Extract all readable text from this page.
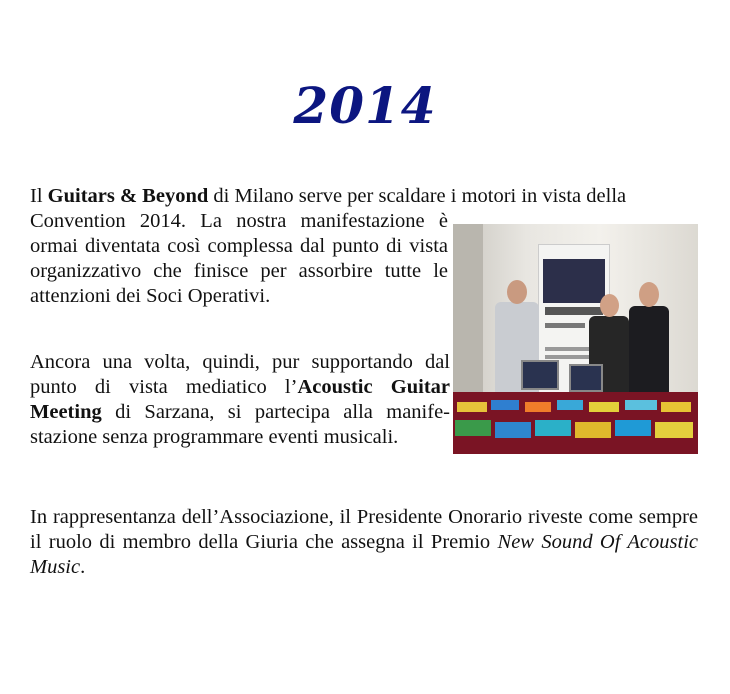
2014

Il Guitars & Beyond di Milano serve per scaldare i motori in vista della
Convention 2014. La nostra manifestazione è ormai diventata così complessa dal punto di vista organizzativo che finisce per assorbire tutte le attenzioni dei Soci Operativi.

Ancora una volta, quindi, pur supportando dal punto di vista mediatico l’Acoustic Guitar Meeting di Sarzana, si partecipa alla manife-stazione senza programmare eventi musicali.

In rappresentanza dell’Associazione, il Presidente Onorario riveste come sempre il ruolo di membro della Giuria che assegna il Premio New Sound Of Acoustic Music.
